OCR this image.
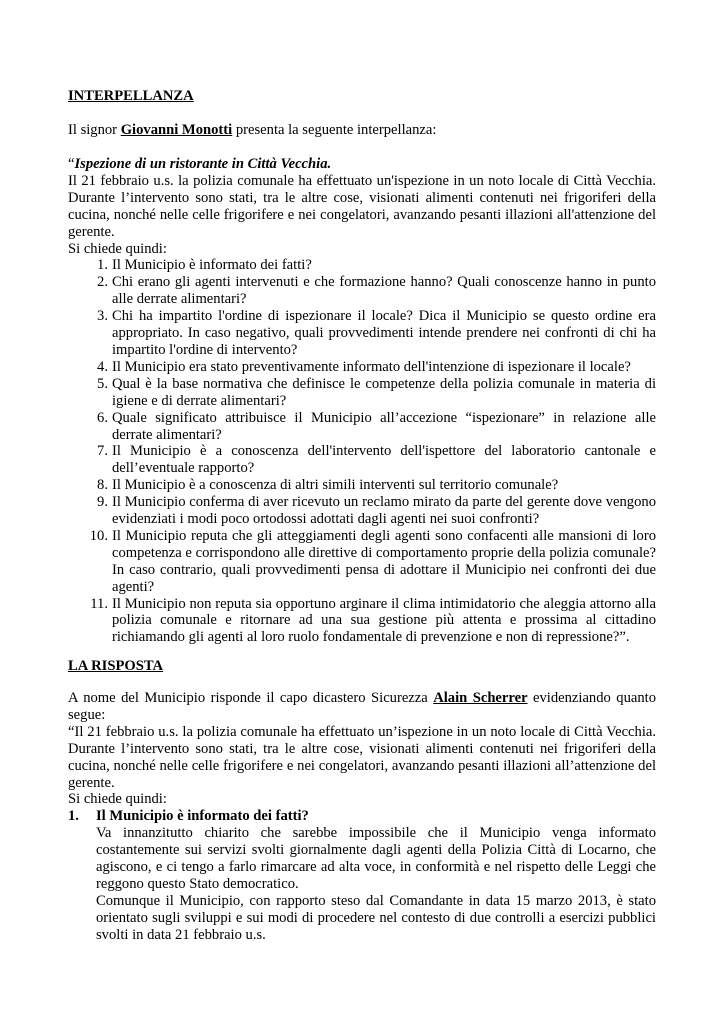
INTERPELLANZA

Il signor Giovanni Monotti presenta la seguente interpellanza:

“Ispezione di un ristorante in Città Vecchia.

Il 21 febbraio u.s. la polizia comunale ha effettuato un'ispezione in un noto locale di Città Vecchia. Durante l’intervento sono stati, tra le altre cose, visionati alimenti contenuti nei frigoriferi della cucina, nonché nelle celle frigorifere e nei congelatori, avanzando pesanti illazioni all'attenzione del gerente.

Si chiede quindi:

1. Il Municipio è informato dei fatti?
2. Chi erano gli agenti intervenuti e che formazione hanno? Quali conoscenze hanno in punto alle derrate alimentari?
3. Chi ha impartito l'ordine di ispezionare il locale? Dica il Municipio se questo ordine era appropriato. In caso negativo, quali provvedimenti intende prendere nei confronti di chi ha impartito l'ordine di intervento?
4. Il Municipio era stato preventivamente informato dell'intenzione di ispezionare il locale?
5. Qual è la base normativa che definisce le competenze della polizia comunale in materia di igiene e di derrate alimentari?
6. Quale significato attribuisce il Municipio all’accezione “ispezionare” in relazione alle derrate alimentari?
7. Il Municipio è a conoscenza dell'intervento dell'ispettore del laboratorio cantonale e dell’eventuale rapporto?
8. Il Municipio è a conoscenza di altri simili interventi sul territorio comunale?
9. Il Municipio conferma di aver ricevuto un reclamo mirato da parte del gerente dove vengono evidenziati i modi poco ortodossi adottati dagli agenti nei suoi confronti?
10. Il Municipio reputa che gli atteggiamenti degli agenti sono confacenti alle mansioni di loro competenza e corrispondono alle direttive di comportamento proprie della polizia comunale? In caso contrario, quali provvedimenti pensa di adottare il Municipio nei confronti dei due agenti?
11. Il Municipio non reputa sia opportuno arginare il clima intimidatorio che aleggia attorno alla polizia comunale e ritornare ad una sua gestione più attenta e prossima al cittadino richiamando gli agenti al loro ruolo fondamentale di prevenzione e non di repressione?”.

LA RISPOSTA

A nome del Municipio risponde il capo dicastero Sicurezza Alain Scherrer evidenziando quanto segue:

“Il 21 febbraio u.s. la polizia comunale ha effettuato un’ispezione in un noto locale di Città Vecchia. Durante l’intervento sono stati, tra le altre cose, visionati alimenti contenuti nei frigoriferi della cucina, nonché nelle celle frigorifere e nei congelatori, avanzando pesanti illazioni all’attenzione del gerente.

Si chiede quindi:

1.	Il Municipio è informato dei fatti?

Va innanzitutto chiarito che sarebbe impossibile che il Municipio venga informato costantemente sui servizi svolti giornalmente dagli agenti della Polizia Città di Locarno, che agiscono, e ci tengo a farlo rimarcare ad alta voce, in conformità e nel rispetto delle Leggi che reggono questo Stato democratico.

Comunque il Municipio, con rapporto steso dal Comandante in data 15 marzo 2013, è stato orientato sugli sviluppi e sui modi di procedere nel contesto di due controlli a esercizi pubblici svolti in data 21 febbraio u.s.
